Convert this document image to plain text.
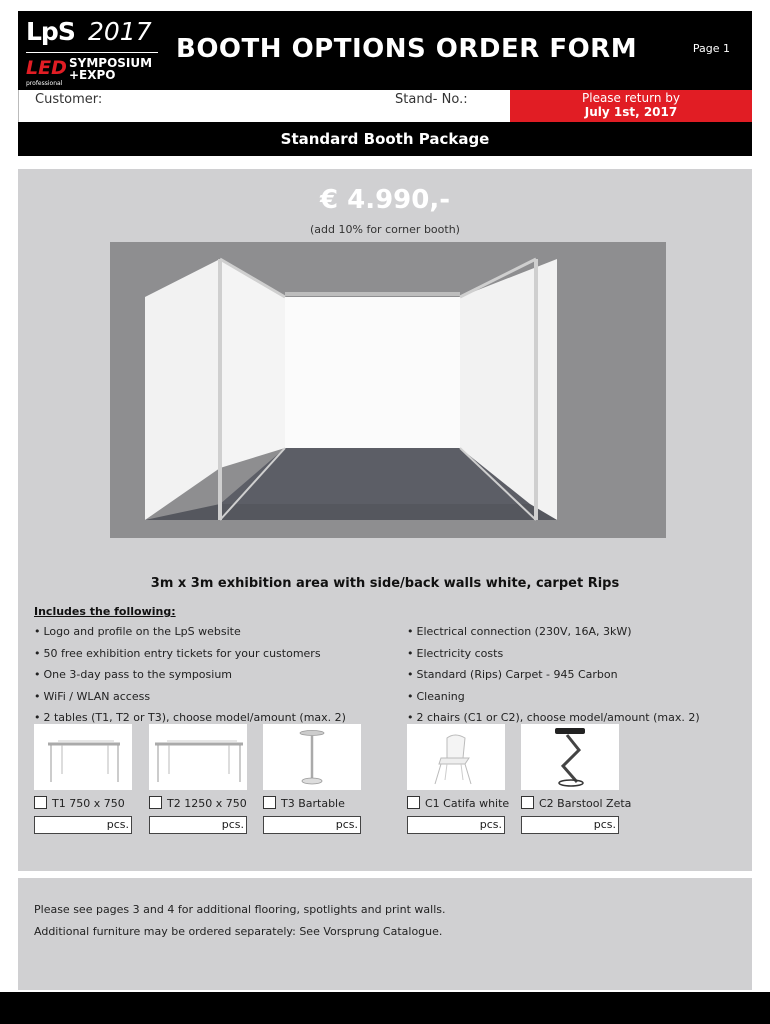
LpS 2017
LED SYMPOSIUM
+EXPO
professional
BOOTH OPTIONS ORDER FORM	Page 1
Customer:	Stand- No.:	Please return by
July 1st, 2017
Standard Booth Package
€ 4.990,-
(add 10% for corner booth)
3m x 3m exhibition area with side/back walls white, carpet Rips
Includes the following:
• Logo and profile on the LpS website
• 50 free exhibition entry tickets for your customers
• One 3-day pass to the symposium
• WiFi / WLAN access
• 2 tables (T1, T2 or T3), choose model/amount (max. 2)
• Electrical connection (230V, 16A, 3kW)
• Electricity costs
• Standard (Rips) Carpet - 945 Carbon
• Cleaning
• 2 chairs (C1 or C2), choose model/amount (max. 2)
T1 750 x 750
pcs.
T2 1250 x 750
pcs.
T3 Bartable
pcs.
C1 Catifa white
pcs.
C2 Barstool Zeta
pcs.

Please see pages 3 and 4 for additional flooring, spotlights and print walls.

Additional furniture may be ordered separately: See Vorsprung Catalogue.
